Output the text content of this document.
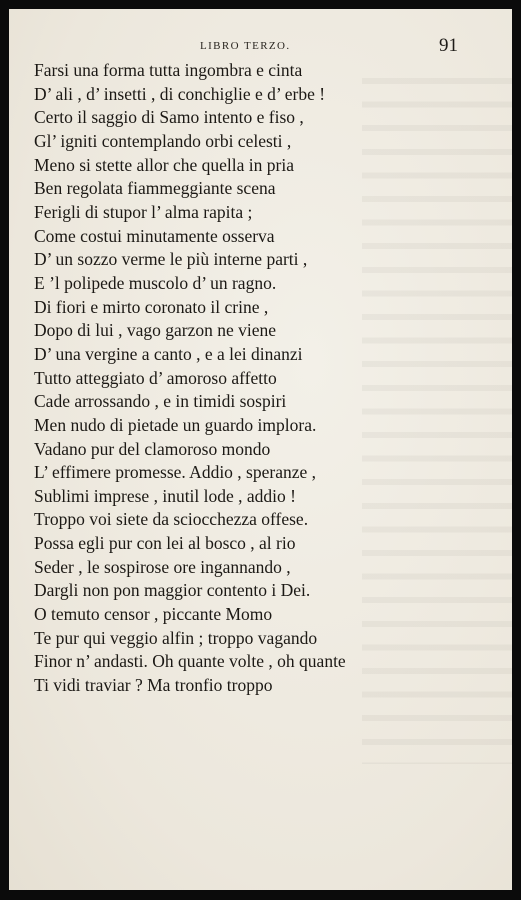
LIBRO TERZO.	91
Farsi una forma tutta ingombra e cinta
D’ ali , d’ insetti , di conchiglie e d’ erbe !
Certo il saggio di Samo intento e fiso ,
Gl’ igniti contemplando orbi celesti ,
Meno si stette allor che quella in pria
Ben regolata fiammeggiante scena
Ferigli di stupor l’ alma rapita ;
Come costui minutamente osserva
D’ un sozzo verme le più interne parti ,
E ’l polipede muscolo d’ un ragno.
Di fiori e mirto coronato il crine ,
Dopo di lui , vago garzon ne viene
D’ una vergine a canto , e a lei dinanzi
Tutto atteggiato d’ amoroso affetto
Cade arrossando , e in timidi sospiri
Men nudo di pietade un guardo implora.
Vadano pur del clamoroso mondo
L’ effimere promesse. Addio , speranze ,
Sublimi imprese , inutil lode , addio !
Troppo voi siete da sciocchezza offese.
Possa egli pur con lei al bosco , al rio
Seder , le sospirose ore ingannando ,
Dargli non pon maggior contento i Dei.
O temuto censor , piccante Momo
Te pur qui veggio alfin ; troppo vagando
Finor n’ andasti. Oh quante volte , oh quante
Ti vidi traviar ? Ma tronfio troppo
